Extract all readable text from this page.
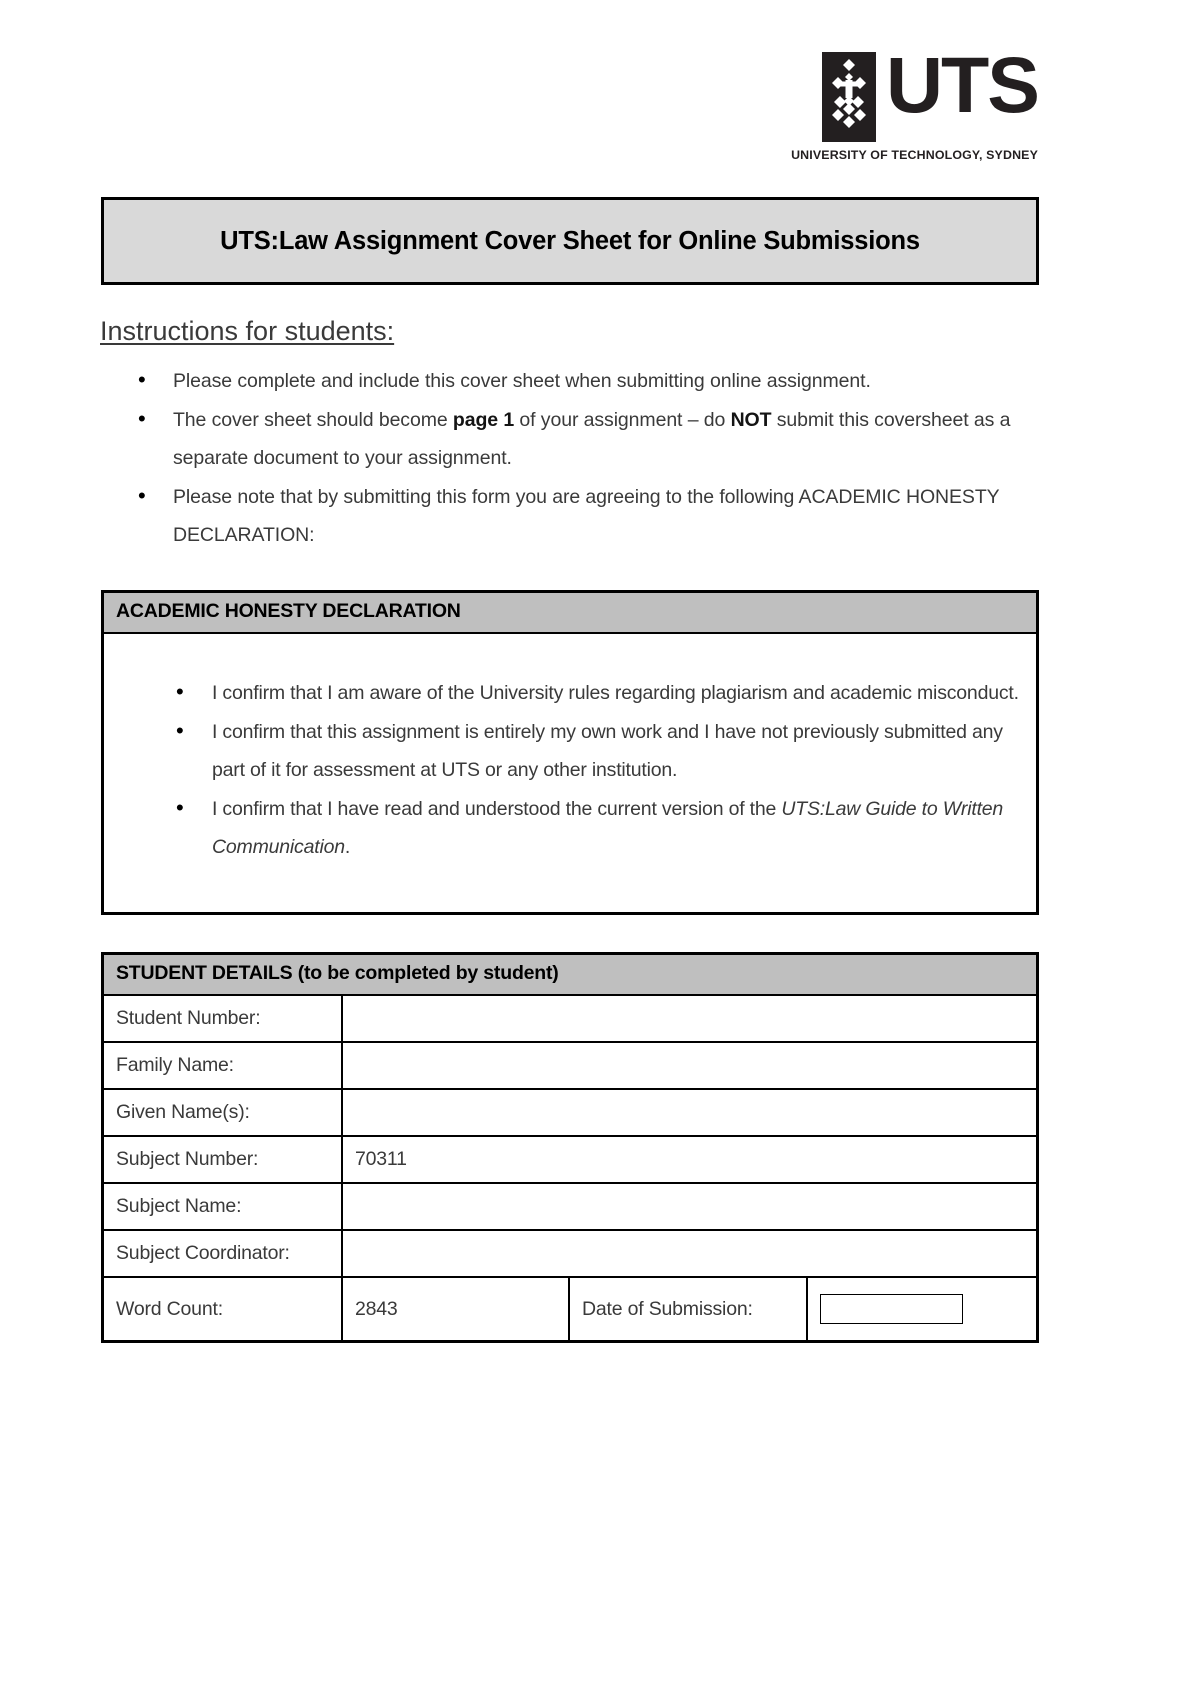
UTS
UNIVERSITY OF TECHNOLOGY, SYDNEY
UTS:Law Assignment Cover Sheet for Online Submissions
Instructions for students:
• Please complete and include this cover sheet when submitting online assignment.
• The cover sheet should become page 1 of your assignment – do NOT submit this coversheet as a separate document to your assignment.
• Please note that by submitting this form you are agreeing to the following ACADEMIC HONESTY DECLARATION:
ACADEMIC HONESTY DECLARATION
• I confirm that I am aware of the University rules regarding plagiarism and academic misconduct.
• I confirm that this assignment is entirely my own work and I have not previously submitted any part of it for assessment at UTS or any other institution.
• I confirm that I have read and understood the current version of the UTS:Law Guide to Written Communication.
STUDENT DETAILS (to be completed by student)
Student Number:
Family Name:
Given Name(s):
Subject Number:	70311
Subject Name:
Subject Coordinator:
Word Count:	2843	Date of Submission:
